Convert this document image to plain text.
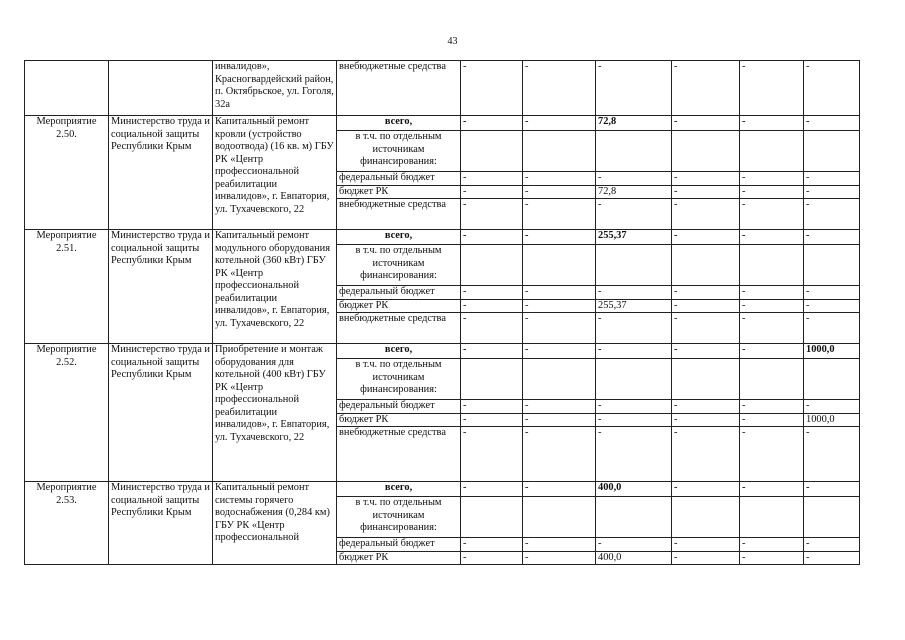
43
		инвалидов», Красногвардейский район, п. Октябрьское, ул. Гоголя, 32а	внебюджетные средства	-	-	-	-	-	-
Мероприятие 2.50.	Министерство труда и социальной защиты Республики Крым	Капитальный ремонт кровли (устройство водоотвода) (16 кв. м) ГБУ РК «Центр профессиональной реабилитации инвалидов», г. Евпатория, ул. Тухачевского, 22	всего,	-	-	72,8	-	-	-
			в т.ч. по отдельным источникам финансирования:						
			федеральный бюджет	-	-	-	-	-	-
			бюджет РК	-	-	72,8	-	-	-
			внебюджетные средства	-	-	-	-	-	-
Мероприятие 2.51.	Министерство труда и социальной защиты Республики Крым	Капитальный ремонт модульного оборудования котельной (360 кВт) ГБУ РК «Центр профессиональной реабилитации инвалидов», г. Евпатория, ул. Тухачевского, 22	всего,	-	-	255,37	-	-	-
			в т.ч. по отдельным источникам финансирования:						
			федеральный бюджет	-	-	-	-	-	-
			бюджет РК	-	-	255,37	-	-	-
			внебюджетные средства	-	-	-	-	-	-
Мероприятие 2.52.	Министерство труда и социальной защиты Республики Крым	Приобретение и монтаж оборудования для котельной (400 кВт) ГБУ РК «Центр профессиональной реабилитации инвалидов», г. Евпатория, ул. Тухачевского, 22	всего,	-	-	-	-	-	1000,0
			в т.ч. по отдельным источникам финансирования:						
			федеральный бюджет	-	-	-	-	-	-
			бюджет РК	-	-	-	-	-	1000,0
			внебюджетные средства	-	-	-	-	-	-
Мероприятие 2.53.	Министерство труда и социальной защиты Республики Крым	Капитальный ремонт системы горячего водоснабжения (0,284 км) ГБУ РК «Центр профессиональной	всего,	-	-	400,0	-	-	-
			в т.ч. по отдельным источникам финансирования:						
			федеральный бюджет	-	-	-	-	-	-
			бюджет РК	-	-	400,0	-	-	-
